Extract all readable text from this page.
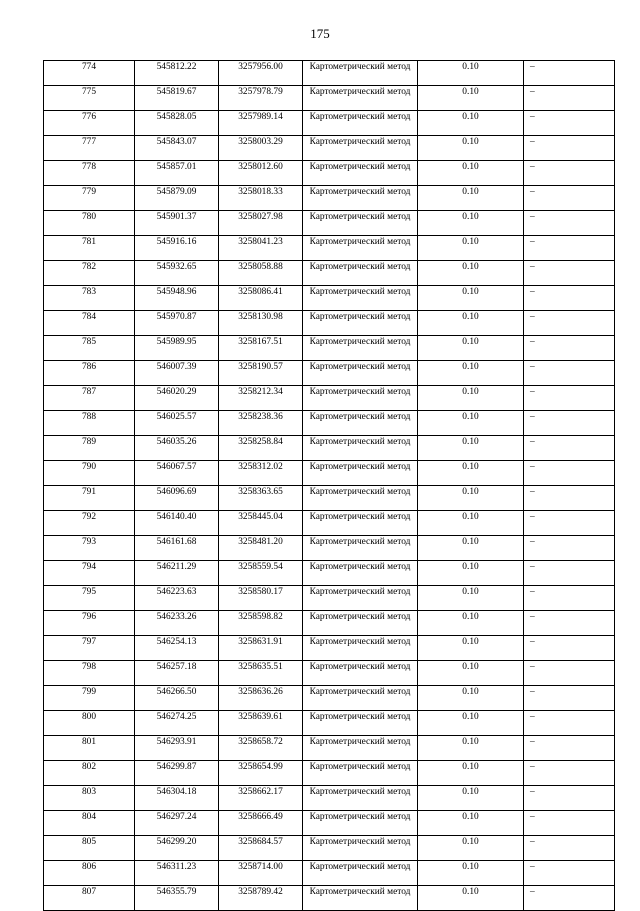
175
774	545812.22	3257956.00	Картометрический метод	0.10	–
775	545819.67	3257978.79	Картометрический метод	0.10	–
776	545828.05	3257989.14	Картометрический метод	0.10	–
777	545843.07	3258003.29	Картометрический метод	0.10	–
778	545857.01	3258012.60	Картометрический метод	0.10	–
779	545879.09	3258018.33	Картометрический метод	0.10	–
780	545901.37	3258027.98	Картометрический метод	0.10	–
781	545916.16	3258041.23	Картометрический метод	0.10	–
782	545932.65	3258058.88	Картометрический метод	0.10	–
783	545948.96	3258086.41	Картометрический метод	0.10	–
784	545970.87	3258130.98	Картометрический метод	0.10	–
785	545989.95	3258167.51	Картометрический метод	0.10	–
786	546007.39	3258190.57	Картометрический метод	0.10	–
787	546020.29	3258212.34	Картометрический метод	0.10	–
788	546025.57	3258238.36	Картометрический метод	0.10	–
789	546035.26	3258258.84	Картометрический метод	0.10	–
790	546067.57	3258312.02	Картометрический метод	0.10	–
791	546096.69	3258363.65	Картометрический метод	0.10	–
792	546140.40	3258445.04	Картометрический метод	0.10	–
793	546161.68	3258481.20	Картометрический метод	0.10	–
794	546211.29	3258559.54	Картометрический метод	0.10	–
795	546223.63	3258580.17	Картометрический метод	0.10	–
796	546233.26	3258598.82	Картометрический метод	0.10	–
797	546254.13	3258631.91	Картометрический метод	0.10	–
798	546257.18	3258635.51	Картометрический метод	0.10	–
799	546266.50	3258636.26	Картометрический метод	0.10	–
800	546274.25	3258639.61	Картометрический метод	0.10	–
801	546293.91	3258658.72	Картометрический метод	0.10	–
802	546299.87	3258654.99	Картометрический метод	0.10	–
803	546304.18	3258662.17	Картометрический метод	0.10	–
804	546297.24	3258666.49	Картометрический метод	0.10	–
805	546299.20	3258684.57	Картометрический метод	0.10	–
806	546311.23	3258714.00	Картометрический метод	0.10	–
807	546355.79	3258789.42	Картометрический метод	0.10	–
